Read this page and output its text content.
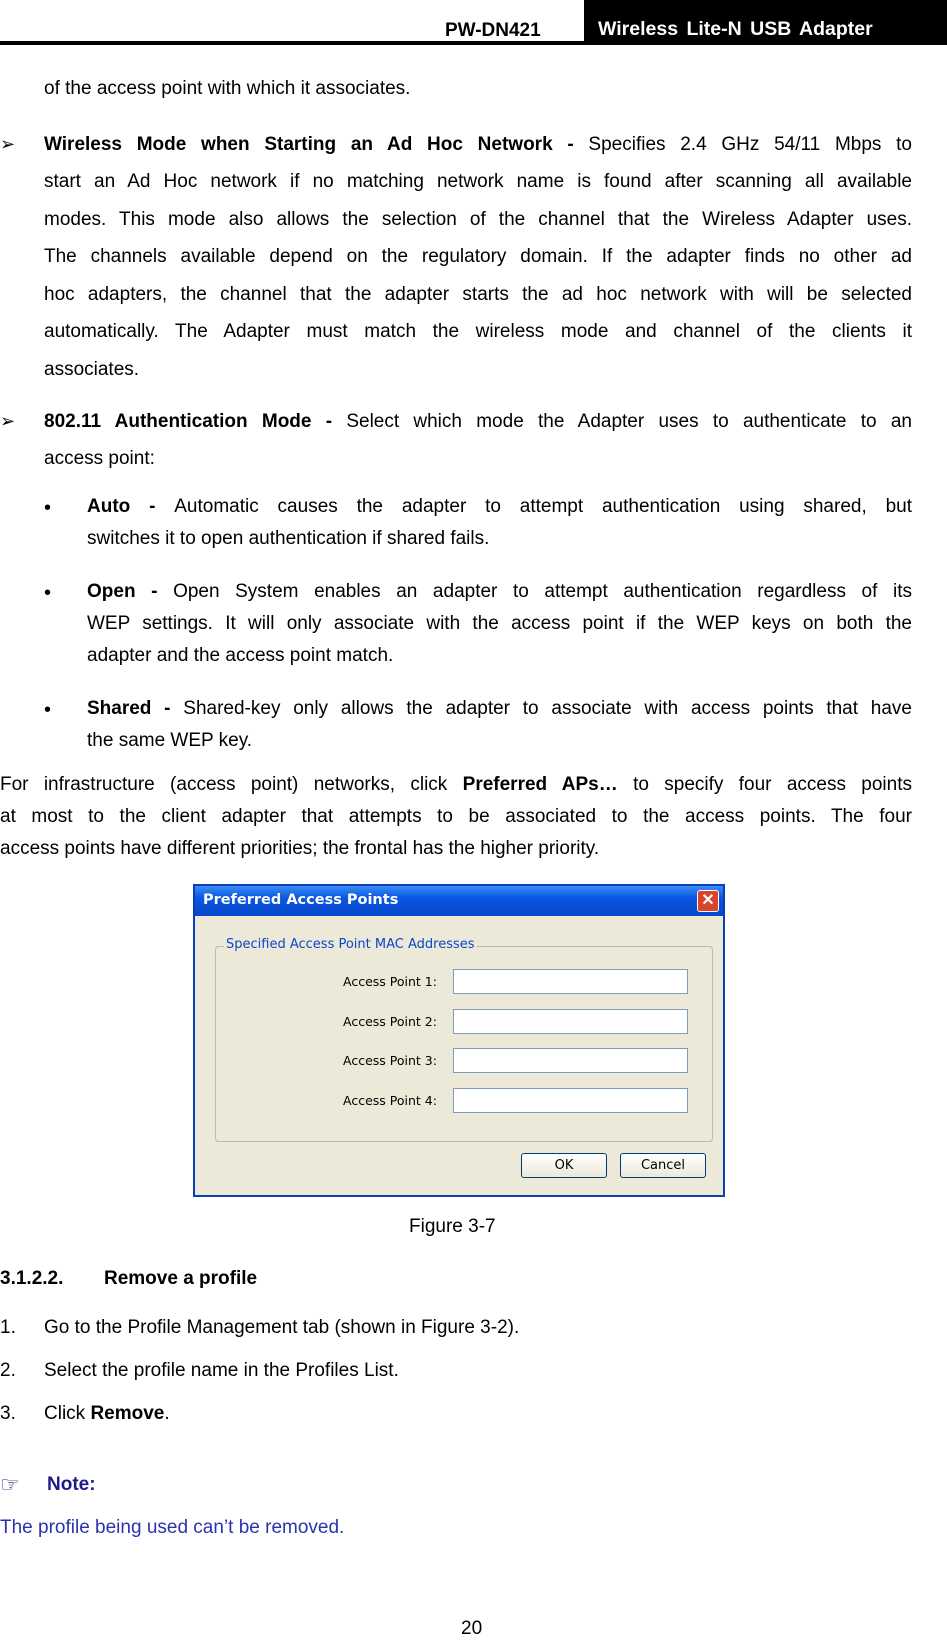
PW-DN421	Wireless Lite-N USB Adapter
of the access point with which it associates.
➢ Wireless Mode when Starting an Ad Hoc Network - Specifies 2.4 GHz 54/11 Mbps to
start an Ad Hoc network if no matching network name is found after scanning all available
modes. This mode also allows the selection of the channel that the Wireless Adapter uses.
The channels available depend on the regulatory domain. If the adapter finds no other ad
hoc adapters, the channel that the adapter starts the ad hoc network with will be selected
automatically. The Adapter must match the wireless mode and channel of the clients it
associates.
➢ 802.11 Authentication Mode - Select which mode the Adapter uses to authenticate to an
access point:
• Auto - Automatic causes the adapter to attempt authentication using shared, but
switches it to open authentication if shared fails.
• Open - Open System enables an adapter to attempt authentication regardless of its
WEP settings. It will only associate with the access point if the WEP keys on both the
adapter and the access point match.
• Shared - Shared-key only allows the adapter to associate with access points that have
the same WEP key.
For infrastructure (access point) networks, click Preferred APs… to specify four access points
at most to the client adapter that attempts to be associated to the access points. The four
access points have different priorities; the frontal has the higher priority.
Preferred Access Points	✕
Specified Access Point MAC Addresses
Access Point 1:
Access Point 2:
Access Point 3:
Access Point 4:
OK	Cancel
Figure 3-7
3.1.2.2. Remove a profile
1. Go to the Profile Management tab (shown in Figure 3-2).
2. Select the profile name in the Profiles List.
3. Click Remove.
☞ Note:
The profile being used can’t be removed.
20
